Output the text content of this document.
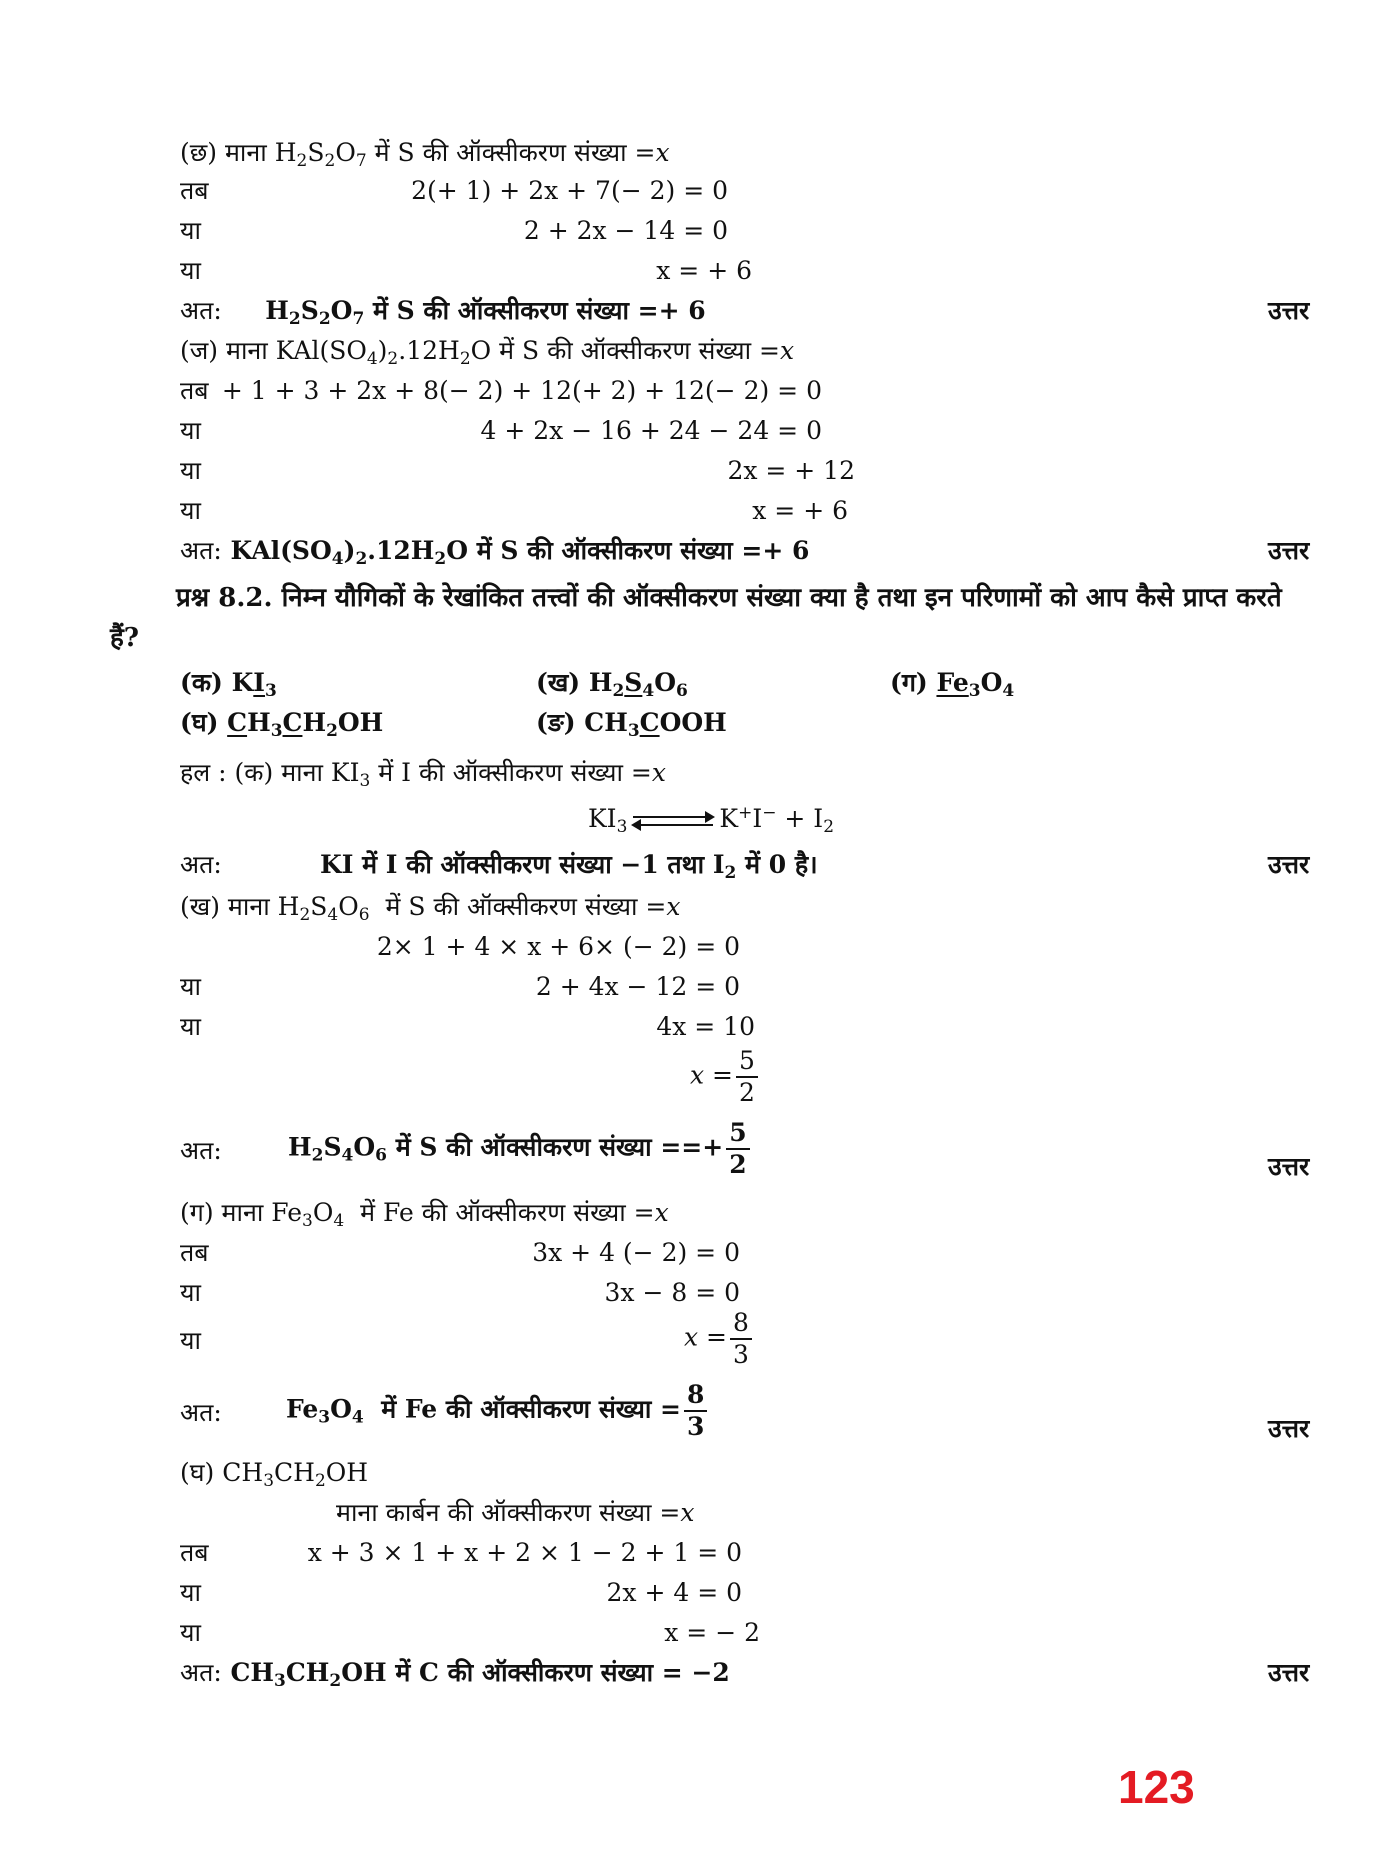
(छ) माना $H_2S_2O_7$ में S की ऑक्सीकरण संख्या =x
तब	2(+ 1) + 2x + 7(− 2) = 0
या	2 + 2x − 14 = 0
या	x = + 6
अत:     $H_2S_2O_7$ में S की ऑक्सीकरण संख्या =+ 6	उत्तर
(ज) माना $KAl(SO_4)_2.12H_2O$ में S की ऑक्सीकरण संख्या =x
तब + 1 + 3 + 2x + 8(− 2) + 12(+ 2) + 12(− 2) = 0
या	4 + 2x − 16 + 24 − 24 = 0
या	2x = + 12
या	x = + 6
अत: $KAl(SO_4)_2.12H_2O$ में S की ऑक्सीकरण संख्या =+ 6	उत्तर
प्रश्न 8.2. निम्न यौगिकों के रेखांकित तत्त्वों की ऑक्सीकरण संख्या क्या है तथा इन परिणामों को आप कैसे प्राप्त करते हैं?
(क) $KI_3$	(ख) $H_2S_4O_6$	(ग) $Fe_3O_4$
(घ) $CH_3CH_2OH$	(ङ) $CH_3COOH$
हल : (क) माना $KI_3$ में I की ऑक्सीकरण संख्या =x
$KI_3$ ⇌ $K^+I^- + I_2$
अत:	KI में I की ऑक्सीकरण संख्या −1 तथा $I_2$ में 0 है।	उत्तर
(ख) माना $H_2S_4O_6$ में S की ऑक्सीकरण संख्या =x
2× 1 + 4 × x + 6× (− 2) = 0
या	2 + 4x − 12 = 0
या	4x = 10
$x = \frac{5}{2}$
अत:	$H_2S_4O_6$ में S की ऑक्सीकरण संख्या ==+ $\frac{5}{2}$	उत्तर
(ग) माना $Fe_3O_4$ में Fe की ऑक्सीकरण संख्या =x
तब	3x + 4 (− 2) = 0
या	3x − 8 = 0
या	$x = \frac{8}{3}$
अत:	$Fe_3O_4$ में Fe की ऑक्सीकरण संख्या = $\frac{8}{3}$	उत्तर
(घ) $CH_3CH_2OH$
माना कार्बन की ऑक्सीकरण संख्या =x
तब	x + 3 × 1 + x + 2 × 1 − 2 + 1 = 0
या	2x + 4 = 0
या	x = − 2
अत: $CH_3CH_2OH$ में C की ऑक्सीकरण संख्या = −2	उत्तर
123
